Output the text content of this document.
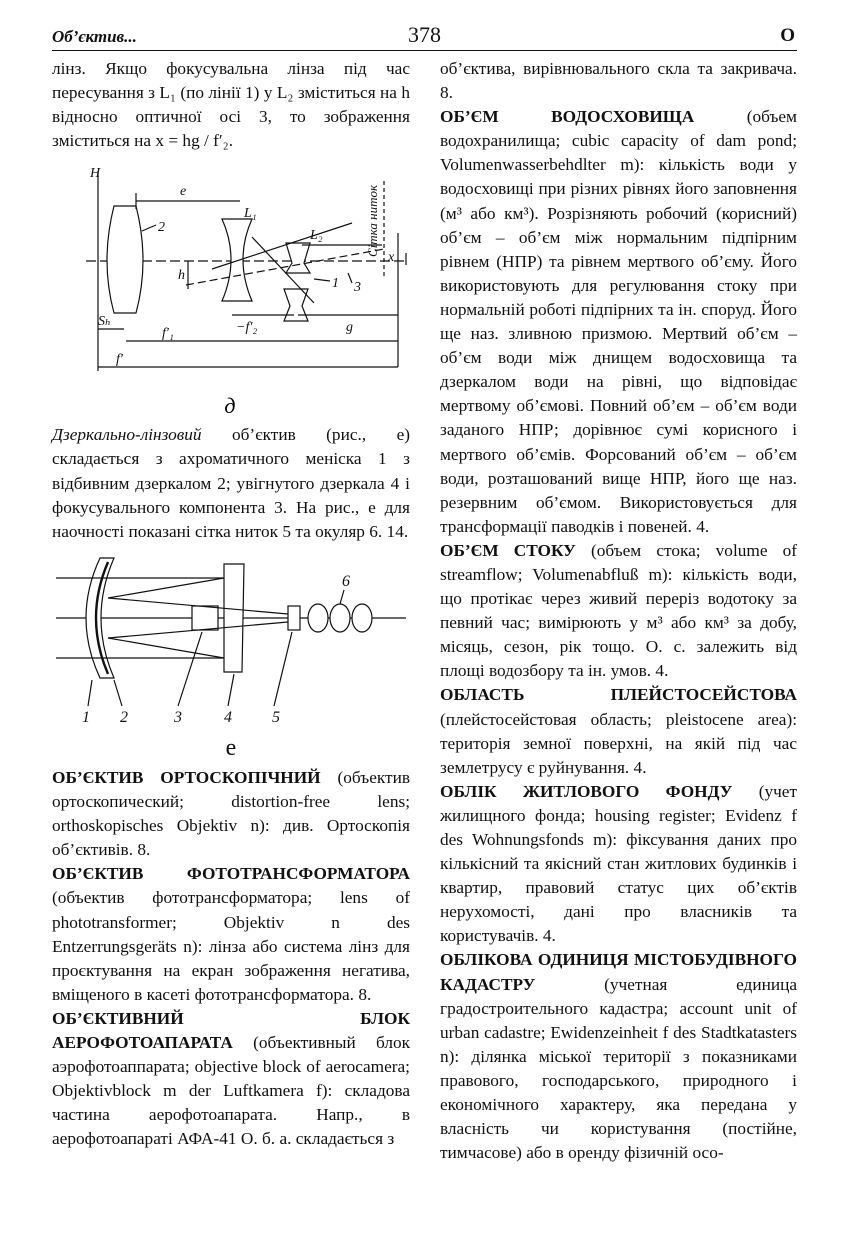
Об’єктив...	378	О

лінз. Якщо фокусувальна лінза під час пересування з L₁ (по лінії 1) у L₂ зміститься на h відносно оптичної осі 3, то зображення зміститься на x = hg / f′₂.

H
e
L₁
L₂
2
1 3
h
x
−f′₂	g
Sₕ
f′₁
f′
Сітка ниток
д

Дзеркально-лінзовий об’єктив (рис., е) складається з ахроматичного меніска 1 з відбивним дзеркалом 2; увігнутого дзеркала 4 і фокусувального компонента 3. На рис., е для наочності показані сітка ниток 5 та окуляр 6. 14.

1 2	3	4	5
6
е

ОБ’ЄКТИВ ОРТОСКОПІЧНИЙ (объектив ортоскопический; distortion-free lens; orthoskopisches Objektiv n): див. Ортоскопія об’єктивів. 8.

ОБ’ЄКТИВ ФОТОТРАНСФОРМАТОРА (объектив фототрансформатора; lens of phototransformer; Objektiv n des Entzerrungsgeräts n): лінза або система лінз для проєктування на екран зображення негатива, вміщеного в касеті фототрансформатора. 8.

ОБ’ЄКТИВНИЙ БЛОК АЕРОФОТОАПАРАТА (объективный блок аэрофотоаппарата; objective block of aerocamera; Objektivblock m der Luftkamera f): складова частина аерофотоапарата. Напр., в аерофотоапараті АФА-41 О. б. а. складається з

об’єктива, вирівнювального скла та закривача. 8.

ОБ’ЄМ ВОДОСХОВИЩА (объем водохранилища; cubic capacity of dam pond; Volumenwasserbehdlter m): кількість води у водосховищі при різних рівнях його заповнення (м³ або км³). Розрізняють робочий (корисний) об’єм – об’єм між нормальним підпірним рівнем (НПР) та рівнем мертвого об’єму. Його використовують для регулювання стоку при нормальній роботі підпірних та ін. споруд. Його ще наз. зливною призмою. Мертвий об’єм – об’єм води між днищем водосховища та дзеркалом води на рівні, що відповідає мертвому об’ємові. Повний об’єм – об’єм води заданого НПР; дорівнює сумі корисного і мертвого об’ємів. Форсований об’єм – об’єм води, розташований вище НПР, його ще наз. резервним об’ємом. Використовується для трансформації паводків і повеней. 4.

ОБ’ЄМ СТОКУ (объем стока; volume of streamflow; Volumenabfluß m): кількість води, що протікає через живий переріз водотоку за певний час; вимірюють у м³ або км³ за добу, місяць, сезон, рік тощо. О. с. залежить від площі водозбору та ін. умов. 4.

ОБЛАСТЬ ПЛЕЙСТОСЕЙСТОВА (плейстосейстовая область; pleistocene area): територія земної поверхні, на якій під час землетрусу є руйнування. 4.

ОБЛІК ЖИТЛОВОГО ФОНДУ (учет жилищного фонда; housing register; Evidenz f des Wohnungsfonds m): фіксування даних про кількісний та якісний стан житлових будинків і квартир, правовий статус цих об’єктів нерухомості, дані про власників та користувачів. 4.

ОБЛІКОВА ОДИНИЦЯ МІСТОБУДІВНОГО КАДАСТРУ (учетная единица градостроительного кадастра; account unit of urban cadastre; Ewidenzeinheit f des Stadtkatasters n): ділянка міської території з показниками правового, господарського, природного і економічного характеру, яка передана у власність чи користування (постійне, тимчасове) або в оренду фізичній осо-
